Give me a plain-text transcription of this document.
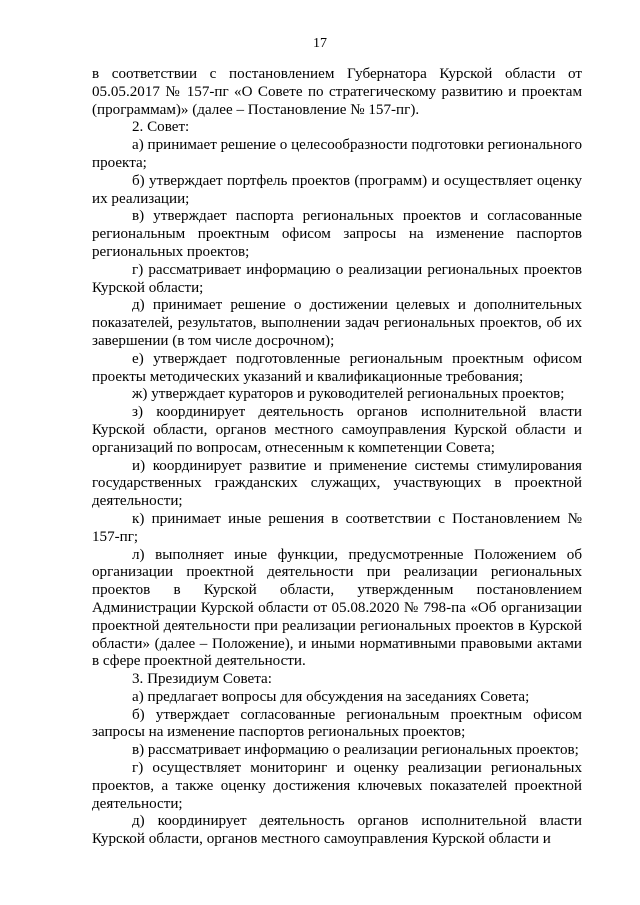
17

в соответствии с постановлением Губернатора Курской области от 05.05.2017 № 157-пг «О Совете по стратегическому развитию и проектам (программам)» (далее – Постановление № 157-пг).

2. Совет:

а) принимает решение о целесообразности подготовки регионального проекта;

б) утверждает портфель проектов (программ) и осуществляет оценку их реализации;

в) утверждает паспорта региональных проектов и согласованные региональным проектным офисом запросы на изменение паспортов региональных проектов;

г) рассматривает информацию о реализации региональных проектов Курской области;

д) принимает решение о достижении целевых и дополнительных показателей, результатов, выполнении задач региональных проектов, об их завершении (в том числе досрочном);

е) утверждает подготовленные региональным проектным офисом проекты методических указаний и квалификационные требования;

ж) утверждает кураторов и руководителей региональных проектов;

з) координирует деятельность органов исполнительной власти Курской области, органов местного самоуправления Курской области и организаций по вопросам, отнесенным к компетенции Совета;

и) координирует развитие и применение системы стимулирования государственных гражданских служащих, участвующих в проектной деятельности;

к) принимает иные решения в соответствии с Постановлением № 157-пг;

л) выполняет иные функции, предусмотренные Положением об организации проектной деятельности при реализации региональных проектов в Курской области, утвержденным постановлением Администрации Курской области от 05.08.2020 № 798-па «Об организации проектной деятельности при реализации региональных проектов в Курской области» (далее – Положение), и иными нормативными правовыми актами в сфере проектной деятельности.

3. Президиум Совета:

а) предлагает вопросы для обсуждения на заседаниях Совета;

б) утверждает согласованные региональным проектным офисом запросы на изменение паспортов региональных проектов;

в) рассматривает информацию о реализации региональных проектов;

г) осуществляет мониторинг и оценку реализации региональных проектов, а также оценку достижения ключевых показателей проектной деятельности;

д) координирует деятельность органов исполнительной власти Курской области, органов местного самоуправления Курской области и
